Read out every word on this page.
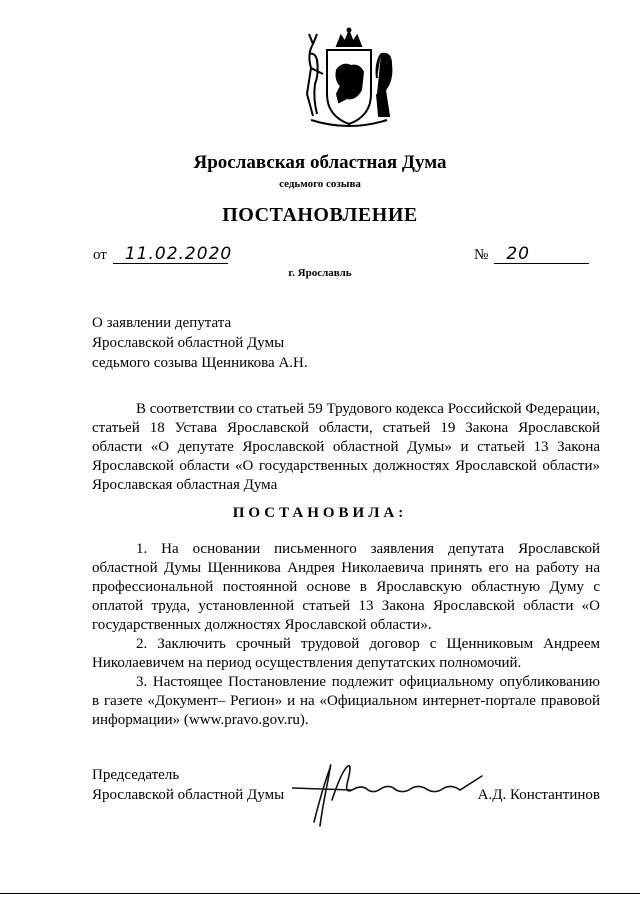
Ярославская областная Дума
седьмого созыва
ПОСТАНОВЛЕНИЕ
от 11.02.2020	№ 20
г. Ярославль
О заявлении депутата
Ярославской областной Думы
седьмого созыва Щенникова А.Н.
В соответствии со статьей 59 Трудового кодекса Российской Федерации, статьей 18 Устава Ярославской области, статьей 19 Закона Ярославской области «О депутате Ярославской областной Думы» и статьей 13 Закона Ярославской области «О государственных должностях Ярославской области» Ярославская областная Дума
ПОСТАНОВИЛА:

1. На основании письменного заявления депутата Ярославской областной Думы Щенникова Андрея Николаевича принять его на работу на профессиональной постоянной основе в Ярославскую областную Думу с оплатой труда, установленной статьей 13 Закона Ярославской области «О государственных должностях Ярославской области».

2. Заключить срочный трудовой договор с Щенниковым Андреем Николаевичем на период осуществления депутатских полномочий.

3. Настоящее Постановление подлежит официальному опубликованию в газете «Документ– Регион» и на «Официальном интернет-портале правовой информации» (www.pravo.gov.ru).

Председатель
Ярославской областной Думы	А.Д. Константинов
